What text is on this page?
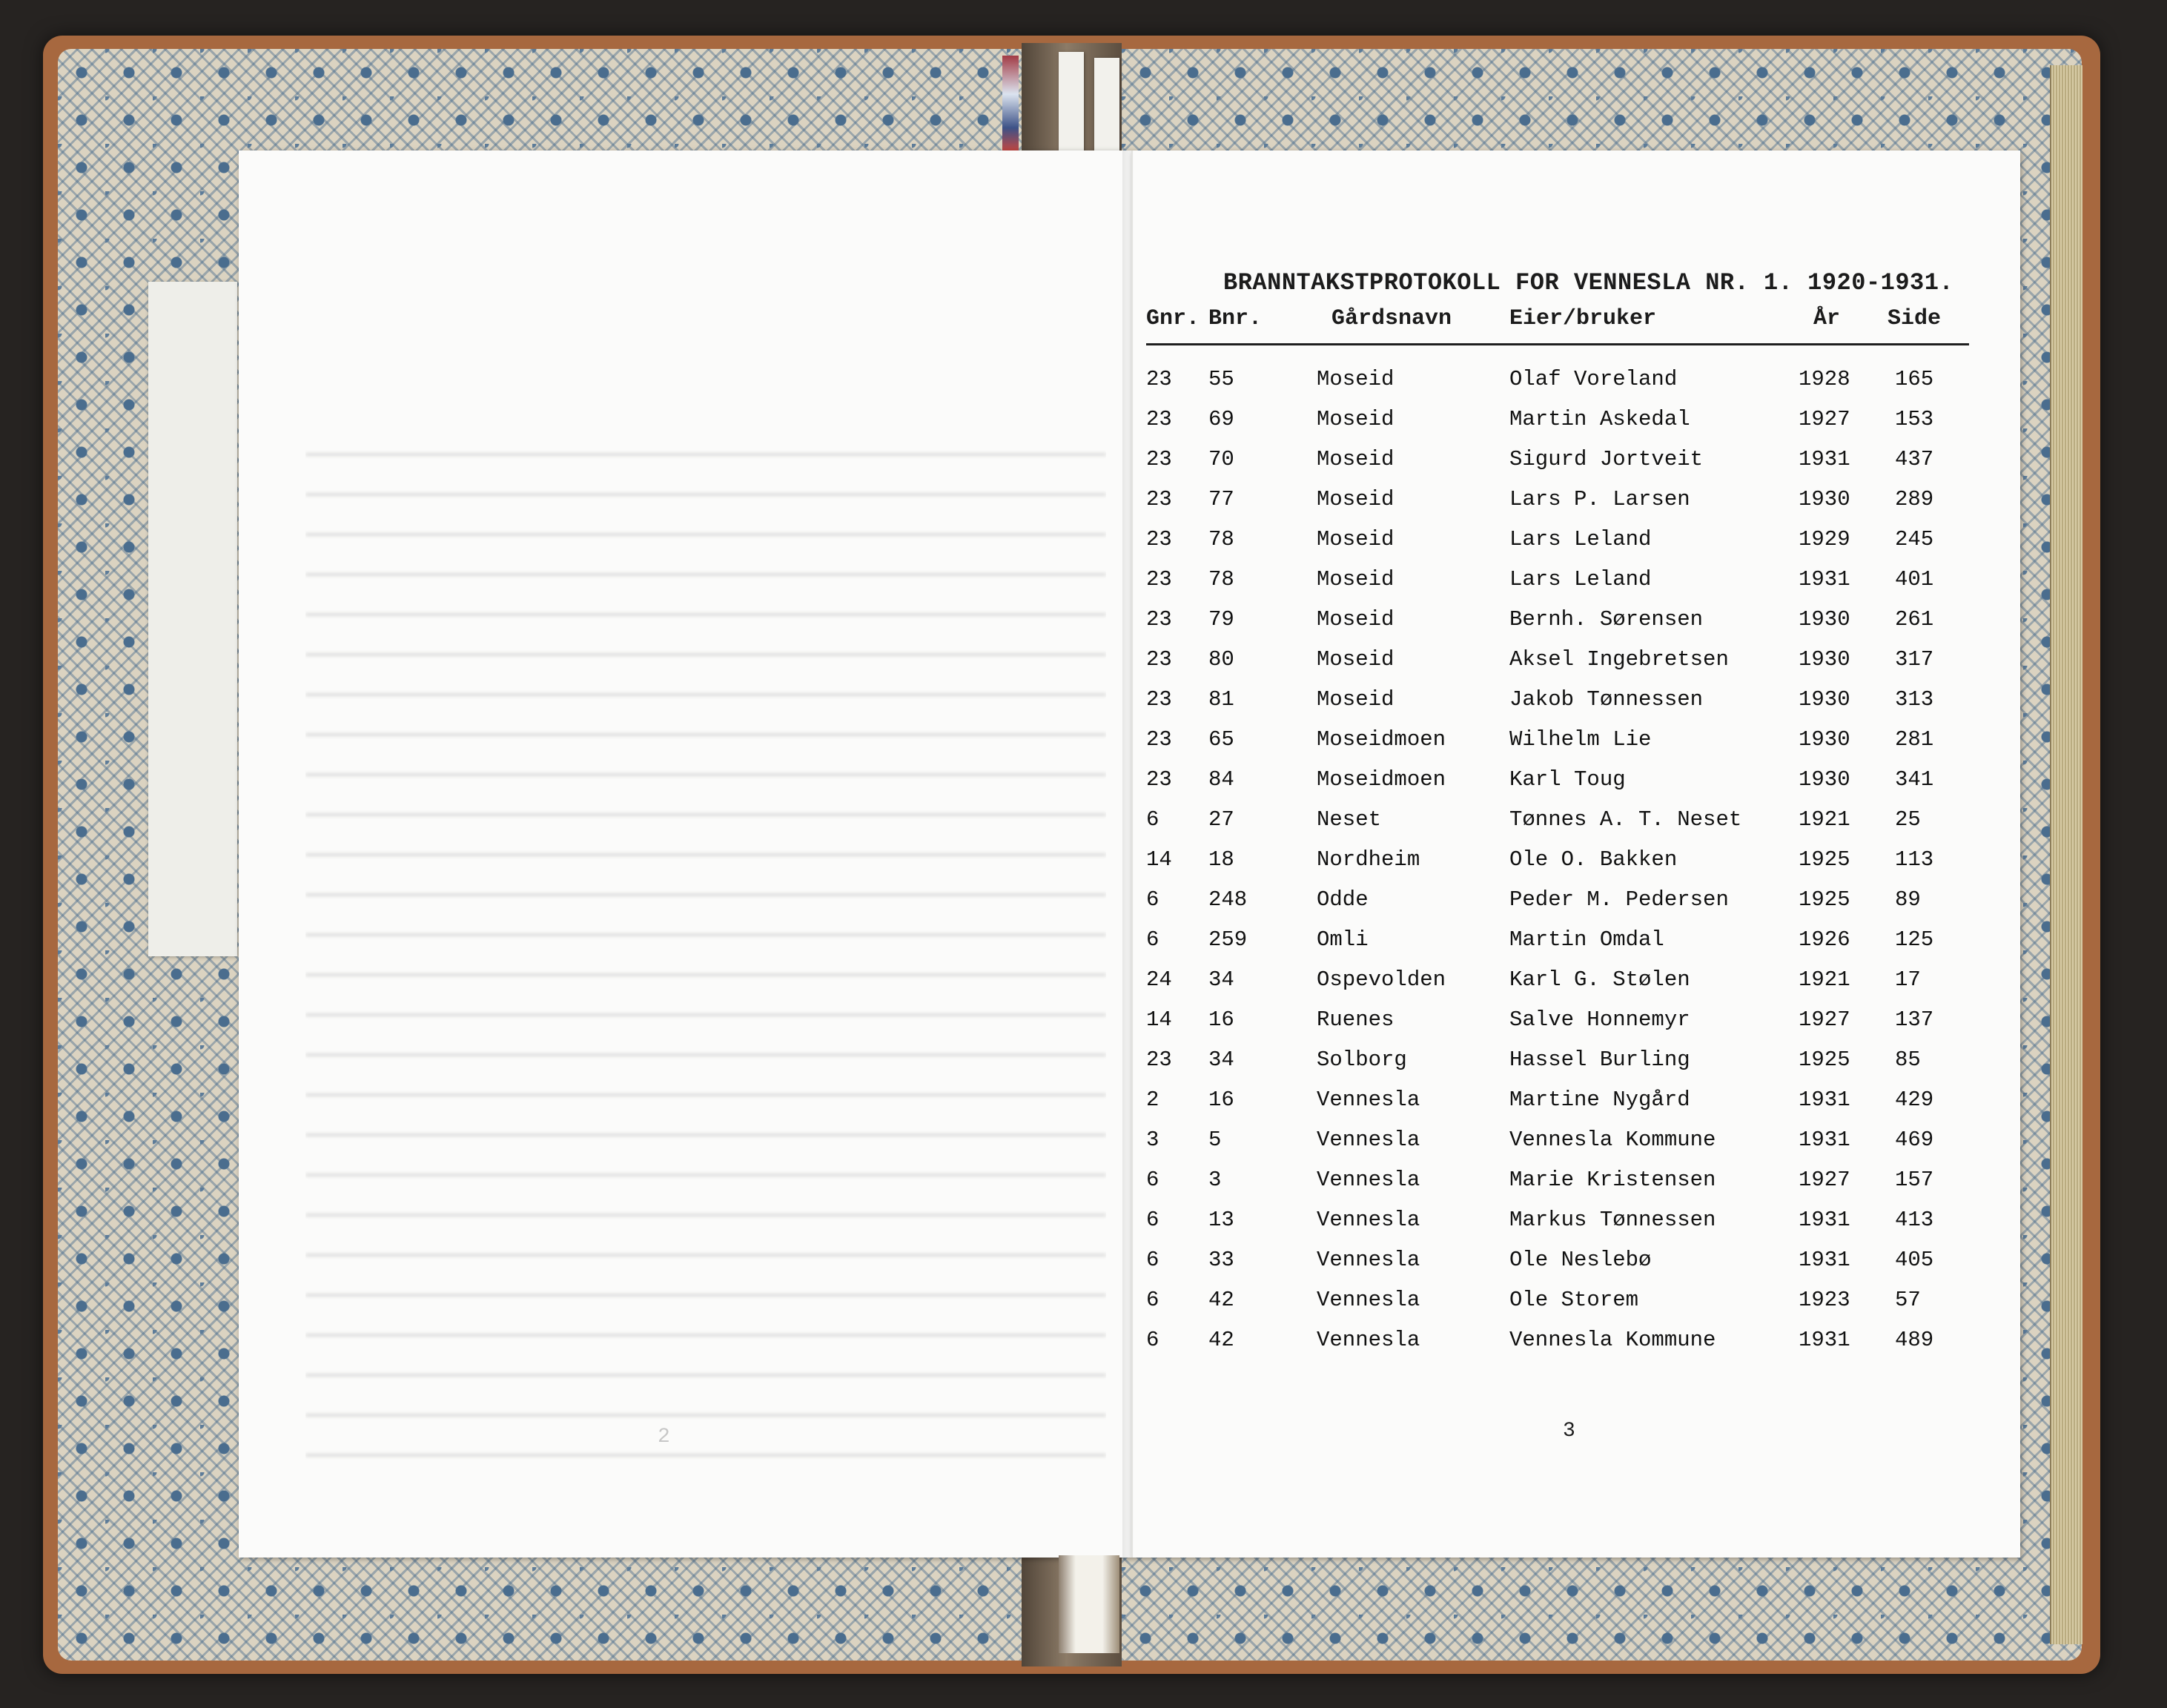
2
BRANNTAKSTPROTOKOLL FOR VENNESLA NR. 1. 1920-1931.
Gnr. Bnr.	Gårdsnavn	Eier/bruker	År Side
23 55	Moseid	Olaf Voreland	1928 165
23 69	Moseid	Martin Askedal	1927 153
23 70	Moseid	Sigurd Jortveit	1931 437
23 77	Moseid	Lars P. Larsen	1930 289
23 78	Moseid	Lars Leland	1929 245
23 78	Moseid	Lars Leland	1931 401
23 79	Moseid	Bernh. Sørensen	1930 261
23 80	Moseid	Aksel Ingebretsen	1930 317
23 81	Moseid	Jakob Tønnessen	1930 313
23 65	Moseidmoen	Wilhelm Lie	1930 281
23 84	Moseidmoen	Karl Toug	1930 341
6 27	Neset	Tønnes A. T. Neset	1921 25
14 18	Nordheim	Ole O. Bakken	1925 113
6 248	Odde	Peder M. Pedersen	1925 89
6 259	Omli	Martin Omdal	1926 125
24 34	Ospevolden	Karl G. Stølen	1921 17
14 16	Ruenes	Salve Honnemyr	1927 137
23 34	Solborg	Hassel Burling	1925 85
2 16	Vennesla	Martine Nygård	1931 429
3 5	Vennesla	Vennesla Kommune	1931 469
6 3	Vennesla	Marie Kristensen	1927 157
6 13	Vennesla	Markus Tønnessen	1931 413
6 33	Vennesla	Ole Neslebø	1931 405
6 42	Vennesla	Ole Storem	1923 57
6 42	Vennesla	Vennesla Kommune	1931 489
3
